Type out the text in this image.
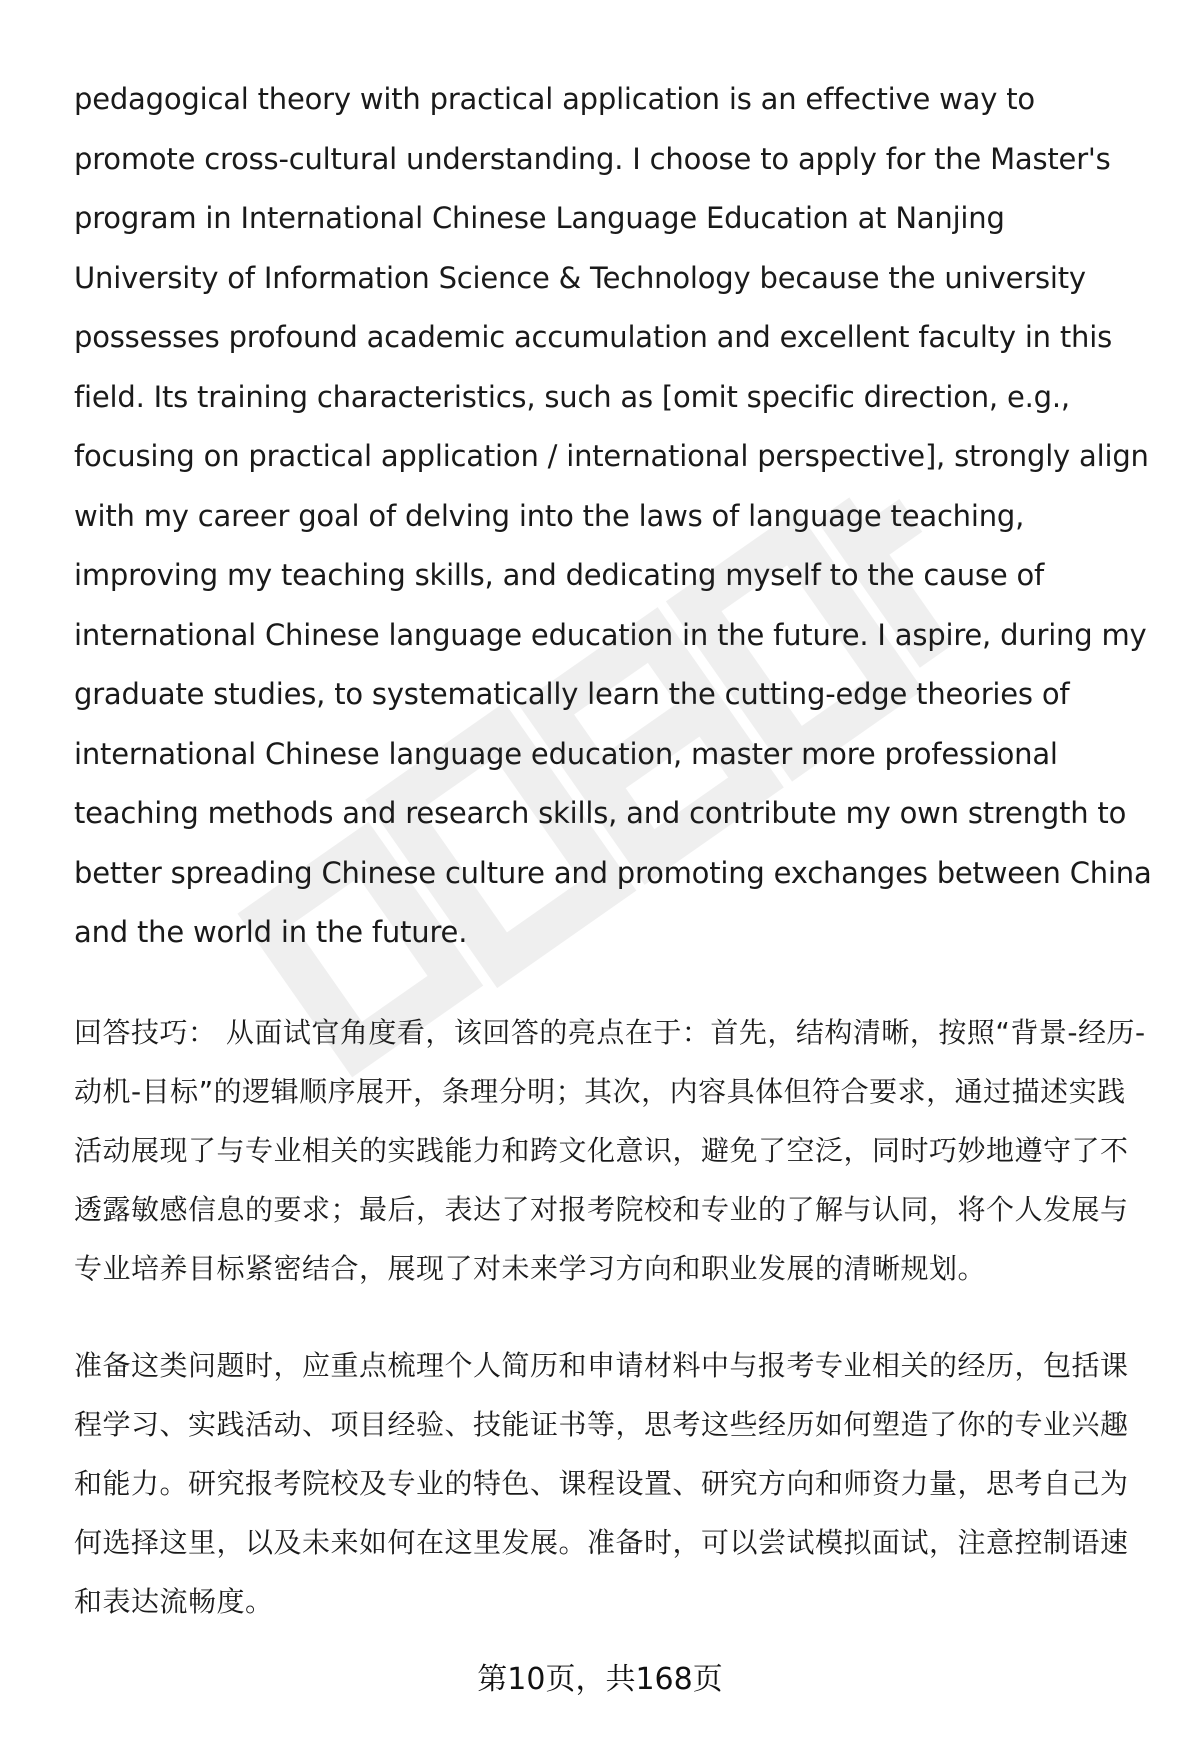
pedagogical theory with practical application is an effective way to promote cross-cultural understanding. I choose to apply for the Master's program in International Chinese Language Education at Nanjing University of Information Science & Technology because the university possesses profound academic accumulation and excellent faculty in this field. Its training characteristics, such as [omit specific direction, e.g., focusing on practical application / international perspective], strongly align with my career goal of delving into the laws of language teaching, improving my teaching skills, and dedicating myself to the cause of international Chinese language education in the future. I aspire, during my graduate studies, to systematically learn the cutting-edge theories of international Chinese language education, master more professional teaching methods and research skills, and contribute my own strength to better spreading Chinese culture and promoting exchanges between China and the world in the future.

回答技巧： 从面试官角度看，该回答的亮点在于：首先，结构清晰，按照“背景-经历-动机-目标”的逻辑顺序展开，条理分明；其次，内容具体但符合要求，通过描述实践活动展现了与专业相关的实践能力和跨文化意识，避免了空泛，同时巧妙地遵守了不透露敏感信息的要求；最后，表达了对报考院校和专业的了解与认同，将个人发展与专业培养目标紧密结合，展现了对未来学习方向和职业发展的清晰规划。

准备这类问题时，应重点梳理个人简历和申请材料中与报考专业相关的经历，包括课程学习、实践活动、项目经验、技能证书等，思考这些经历如何塑造了你的专业兴趣和能力。研究报考院校及专业的特色、课程设置、研究方向和师资力量，思考自己为何选择这里，以及未来如何在这里发展。准备时，可以尝试模拟面试，注意控制语速和表达流畅度。

第10页，共168页
